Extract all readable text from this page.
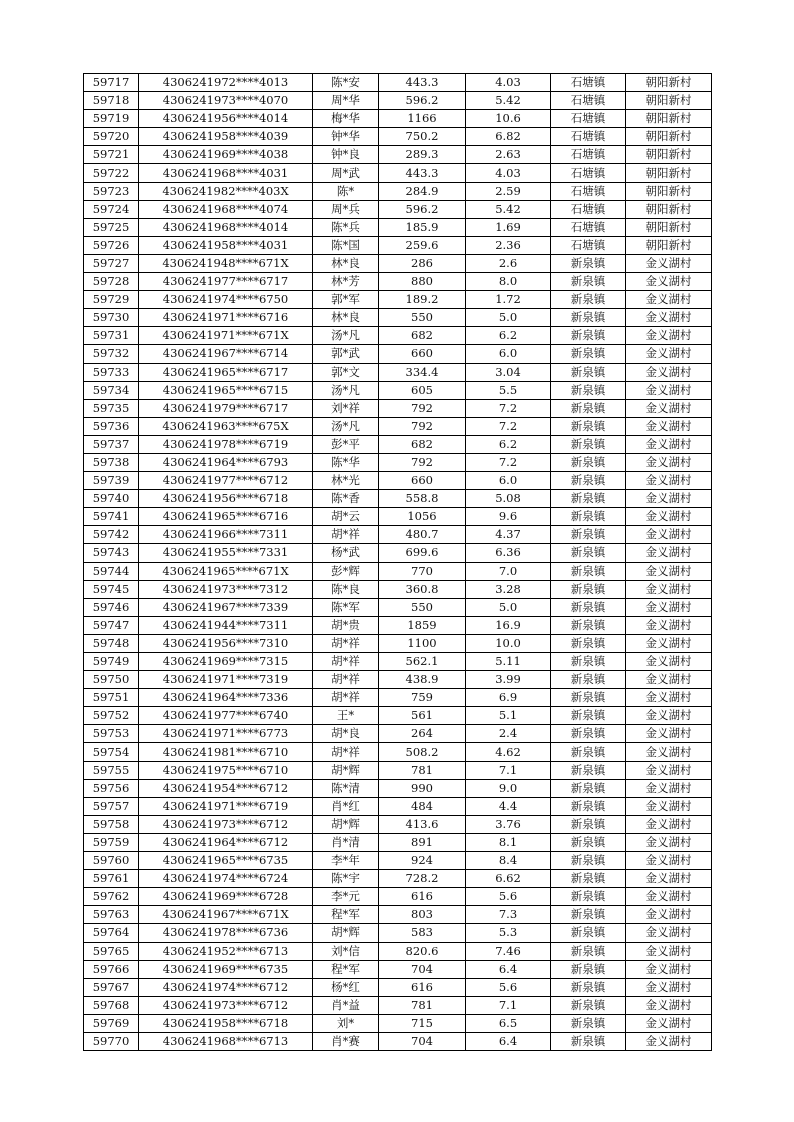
59717	4306241972****4013	陈*安	443.3	4.03	石塘镇	朝阳新村
59718	4306241973****4070	周*华	596.2	5.42	石塘镇	朝阳新村
59719	4306241956****4014	梅*华	1166	10.6	石塘镇	朝阳新村
59720	4306241958****4039	钟*华	750.2	6.82	石塘镇	朝阳新村
59721	4306241969****4038	钟*良	289.3	2.63	石塘镇	朝阳新村
59722	4306241968****4031	周*武	443.3	4.03	石塘镇	朝阳新村
59723	4306241982****403X	陈*	284.9	2.59	石塘镇	朝阳新村
59724	4306241968****4074	周*兵	596.2	5.42	石塘镇	朝阳新村
59725	4306241968****4014	陈*兵	185.9	1.69	石塘镇	朝阳新村
59726	4306241958****4031	陈*国	259.6	2.36	石塘镇	朝阳新村
59727	4306241948****671X	林*良	286	2.6	新泉镇	金义湖村
59728	4306241977****6717	林*芳	880	8.0	新泉镇	金义湖村
59729	4306241974****6750	郭*军	189.2	1.72	新泉镇	金义湖村
59730	4306241971****6716	林*良	550	5.0	新泉镇	金义湖村
59731	4306241971****671X	汤*凡	682	6.2	新泉镇	金义湖村
59732	4306241967****6714	郭*武	660	6.0	新泉镇	金义湖村
59733	4306241965****6717	郭*文	334.4	3.04	新泉镇	金义湖村
59734	4306241965****6715	汤*凡	605	5.5	新泉镇	金义湖村
59735	4306241979****6717	刘*祥	792	7.2	新泉镇	金义湖村
59736	4306241963****675X	汤*凡	792	7.2	新泉镇	金义湖村
59737	4306241978****6719	彭*平	682	6.2	新泉镇	金义湖村
59738	4306241964****6793	陈*华	792	7.2	新泉镇	金义湖村
59739	4306241977****6712	林*光	660	6.0	新泉镇	金义湖村
59740	4306241956****6718	陈*香	558.8	5.08	新泉镇	金义湖村
59741	4306241965****6716	胡*云	1056	9.6	新泉镇	金义湖村
59742	4306241966****7311	胡*祥	480.7	4.37	新泉镇	金义湖村
59743	4306241955****7331	杨*武	699.6	6.36	新泉镇	金义湖村
59744	4306241965****671X	彭*辉	770	7.0	新泉镇	金义湖村
59745	4306241973****7312	陈*良	360.8	3.28	新泉镇	金义湖村
59746	4306241967****7339	陈*军	550	5.0	新泉镇	金义湖村
59747	4306241944****7311	胡*贵	1859	16.9	新泉镇	金义湖村
59748	4306241956****7310	胡*祥	1100	10.0	新泉镇	金义湖村
59749	4306241969****7315	胡*祥	562.1	5.11	新泉镇	金义湖村
59750	4306241971****7319	胡*祥	438.9	3.99	新泉镇	金义湖村
59751	4306241964****7336	胡*祥	759	6.9	新泉镇	金义湖村
59752	4306241977****6740	王*	561	5.1	新泉镇	金义湖村
59753	4306241971****6773	胡*良	264	2.4	新泉镇	金义湖村
59754	4306241981****6710	胡*祥	508.2	4.62	新泉镇	金义湖村
59755	4306241975****6710	胡*辉	781	7.1	新泉镇	金义湖村
59756	4306241954****6712	陈*清	990	9.0	新泉镇	金义湖村
59757	4306241971****6719	肖*红	484	4.4	新泉镇	金义湖村
59758	4306241973****6712	胡*辉	413.6	3.76	新泉镇	金义湖村
59759	4306241964****6712	肖*清	891	8.1	新泉镇	金义湖村
59760	4306241965****6735	李*年	924	8.4	新泉镇	金义湖村
59761	4306241974****6724	陈*宇	728.2	6.62	新泉镇	金义湖村
59762	4306241969****6728	李*元	616	5.6	新泉镇	金义湖村
59763	4306241967****671X	程*军	803	7.3	新泉镇	金义湖村
59764	4306241978****6736	胡*辉	583	5.3	新泉镇	金义湖村
59765	4306241952****6713	刘*信	820.6	7.46	新泉镇	金义湖村
59766	4306241969****6735	程*军	704	6.4	新泉镇	金义湖村
59767	4306241974****6712	杨*红	616	5.6	新泉镇	金义湖村
59768	4306241973****6712	肖*益	781	7.1	新泉镇	金义湖村
59769	4306241958****6718	刘*	715	6.5	新泉镇	金义湖村
59770	4306241968****6713	肖*赛	704	6.4	新泉镇	金义湖村
